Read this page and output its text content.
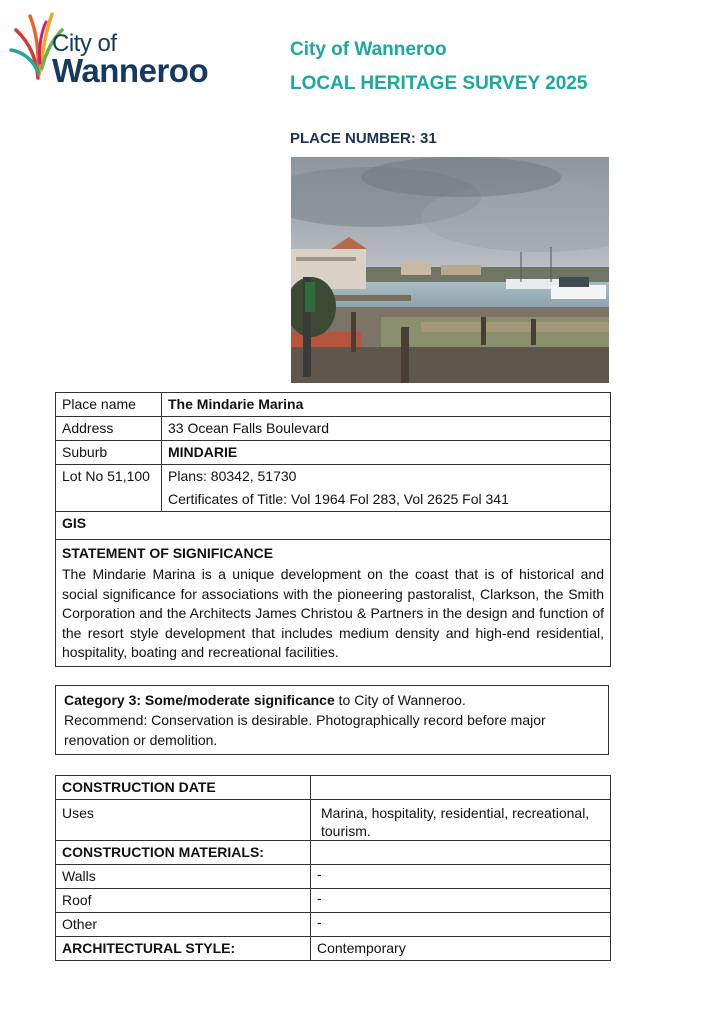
City of
Wanneroo
City of Wanneroo
LOCAL HERITAGE SURVEY 2025
PLACE NUMBER: 31
Place name	The Mindarie Marina
Address	33 Ocean Falls Boulevard
Suburb	MINDARIE
Lot No 51,100	Plans: 80342, 51730
	Certificates of Title: Vol 1964 Fol 283, Vol 2625 Fol 341
GIS	

STATEMENT OF SIGNIFICANCE
The Mindarie Marina is a unique development on the coast that is of historical and social significance for associations with the pioneering pastoralist, Clarkson, the Smith Corporation and the Architects James Christou & Partners in the design and function of the resort style development that includes medium density and high-end residential, hospitality, boating and recreational facilities.	
Category 3: Some/moderate significance to City of Wanneroo.
Recommend: Conservation is desirable. Photographically record before major renovation or demolition.
CONSTRUCTION DATE	
Uses	Marina, hospitality, residential, recreational, tourism.
CONSTRUCTION MATERIALS:	
Walls	-
Roof	-
Other	-
ARCHITECTURAL STYLE:	Contemporary
